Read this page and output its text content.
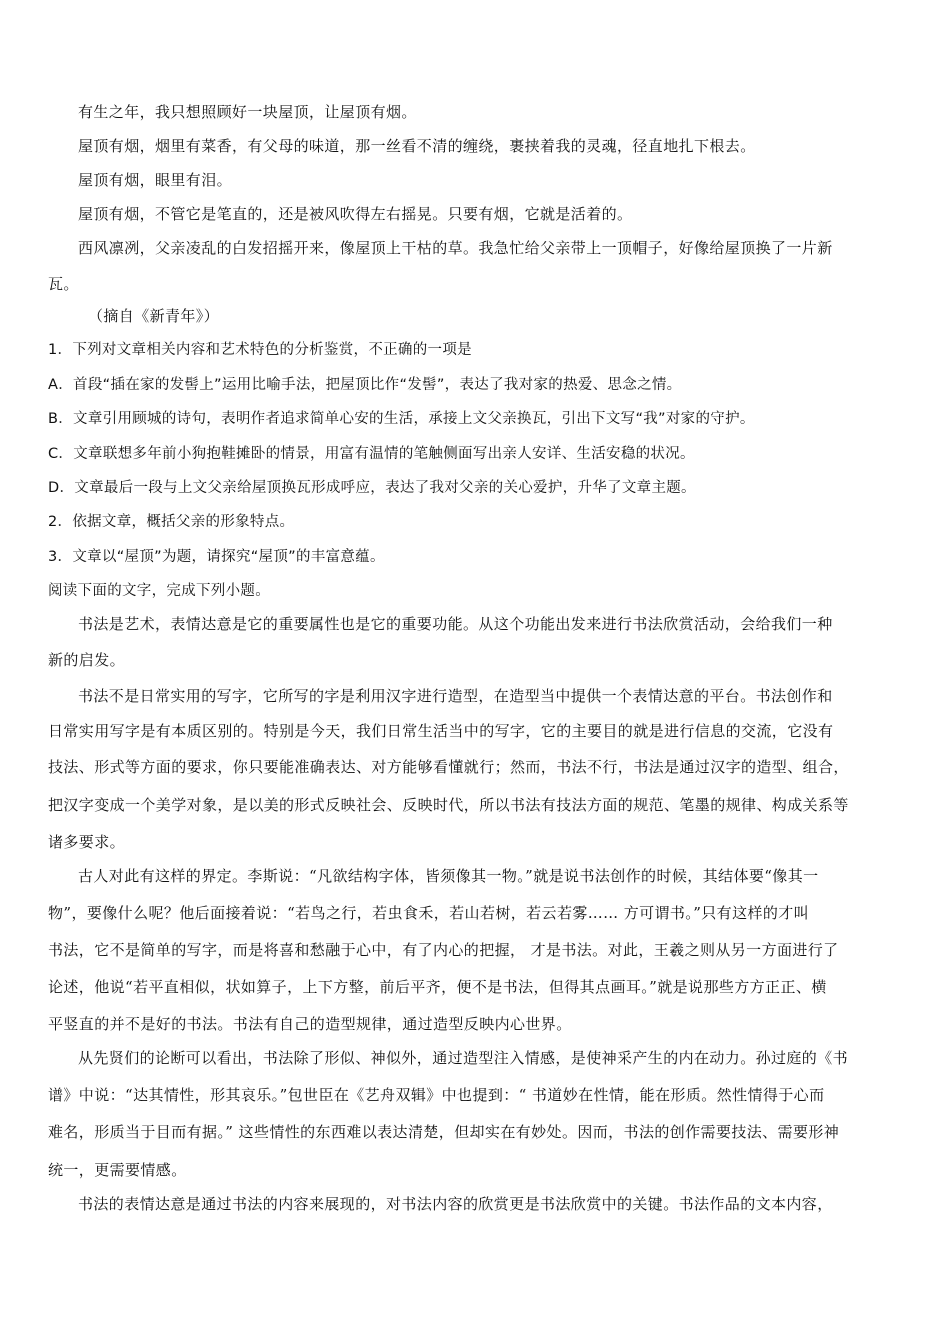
有生之年，我只想照顾好一块屋顶，让屋顶有烟。
屋顶有烟，烟里有菜香，有父母的味道，那一丝看不清的缠绕，裹挟着我的灵魂，径直地扎下根去。
屋顶有烟，眼里有泪。
屋顶有烟，不管它是笔直的，还是被风吹得左右摇晃。只要有烟，它就是活着的。
西风凛冽，父亲凌乱的白发招摇开来，像屋顶上干枯的草。我急忙给父亲带上一顶帽子，好像给屋顶换了一片新
瓦。
（摘自《新青年》）
1．下列对文章相关内容和艺术特色的分析鉴赏，不正确的一项是
A．首段“插在家的发髻上”运用比喻手法，把屋顶比作“发髻”，表达了我对家的热爱、思念之情。
B．文章引用顾城的诗句，表明作者追求简单心安的生活，承接上文父亲换瓦，引出下文写“我”对家的守护。
C．文章联想多年前小狗抱鞋摊卧的情景，用富有温情的笔触侧面写出亲人安详、生活安稳的状况。
D．文章最后一段与上文父亲给屋顶换瓦形成呼应，表达了我对父亲的关心爱护，升华了文章主题。
2．依据文章，概括父亲的形象特点。
3．文章以“屋顶”为题，请探究“屋顶”的丰富意蕴。
阅读下面的文字，完成下列小题。
书法是艺术，表情达意是它的重要属性也是它的重要功能。从这个功能出发来进行书法欣赏活动，会给我们一种
新的启发。
书法不是日常实用的写字，它所写的字是利用汉字进行造型，在造型当中提供一个表情达意的平台。书法创作和
日常实用写字是有本质区别的。特别是今天，我们日常生活当中的写字，它的主要目的就是进行信息的交流，它没有
技法、形式等方面的要求，你只要能准确表达、对方能够看懂就行；然而，书法不行，书法是通过汉字的造型、组合，
把汉字变成一个美学对象，是以美的形式反映社会、反映时代，所以书法有技法方面的规范、笔墨的规律、构成关系等
诸多要求。
古人对此有这样的界定。李斯说：“凡欲结构字体，皆须像其一物。”就是说书法创作的时候，其结体要“像其一
物”，要像什么呢？他后面接着说：“若鸟之行，若虫食禾，若山若树，若云若雾…… 方可谓书。”只有这样的才叫
书法，它不是简单的写字，而是将喜和愁融于心中，有了内心的把握， 才是书法。对此，王羲之则从另一方面进行了
论述，他说“若平直相似，状如算子，上下方整，前后平齐，便不是书法，但得其点画耳。”就是说那些方方正正、横
平竖直的并不是好的书法。书法有自己的造型规律，通过造型反映内心世界。
从先贤们的论断可以看出，书法除了形似、神似外，通过造型注入情感，是使神采产生的内在动力。孙过庭的《书
谱》中说：“达其情性，形其哀乐。”包世臣在《艺舟双辑》中也提到：“ 书道妙在性情，能在形质。然性情得于心而
难名，形质当于目而有据。” 这些情性的东西难以表达清楚，但却实在有妙处。因而，书法的创作需要技法、需要形神
统一，更需要情感。
书法的表情达意是通过书法的内容来展现的，对书法内容的欣赏更是书法欣赏中的关键。书法作品的文本内容，
